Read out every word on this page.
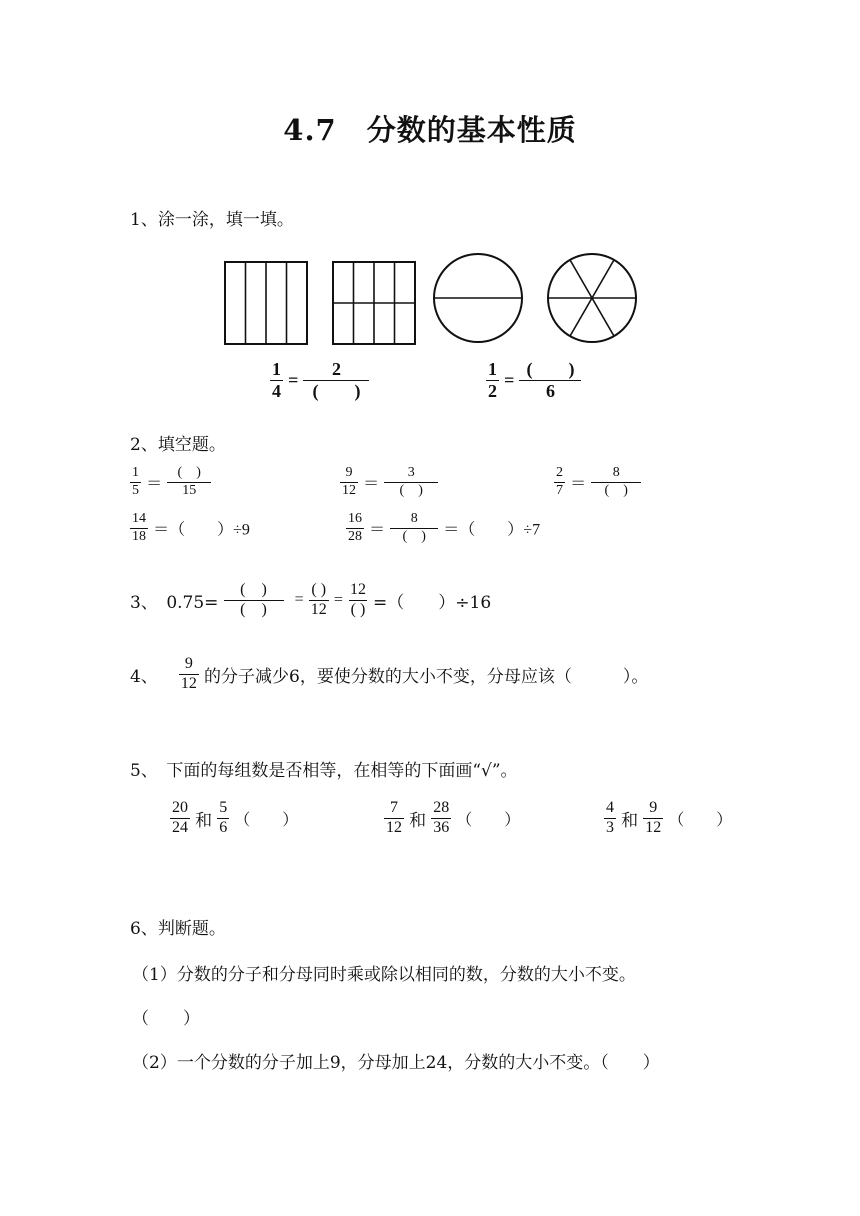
4.7　分数的基本性质
1、涂一涂，填一填。
$\frac{1}{4} = \frac{2}{( )}$	$\frac{1}{2} = \frac{( )}{6}$
2、填空题。
$\frac{1}{5} = \frac{( )}{15}$	$\frac{9}{12} = \frac{3}{( )}$	$\frac{2}{7} = \frac{8}{( )}$
$\frac{14}{18}$ ＝（　　）÷9	$\frac{16}{28} = \frac{8}{( )}$ ＝（　　）÷7
3、　$0.75= \frac{( )}{( )} = \frac{( )}{12} = \frac{12}{( )}$ =（　　）÷16
4、 $\frac{9}{12}$ 的分子减少6，要使分数的大小不变，分母应该（　　　）。
5、　下面的每组数是否相等，在相等的下面画“√”。
$\frac{20}{24}$ 和 $\frac{5}{6}$ （　　）	$\frac{7}{12}$ 和 $\frac{28}{36}$ （　　）	$\frac{4}{3}$ 和 $\frac{9}{12}$ （　　）
6、判断题。
（1）分数的分子和分母同时乘或除以相同的数，分数的大小不变。
（　　）
（2）一个分数的分子加上9，分母加上24，分数的大小不变。（　　）
